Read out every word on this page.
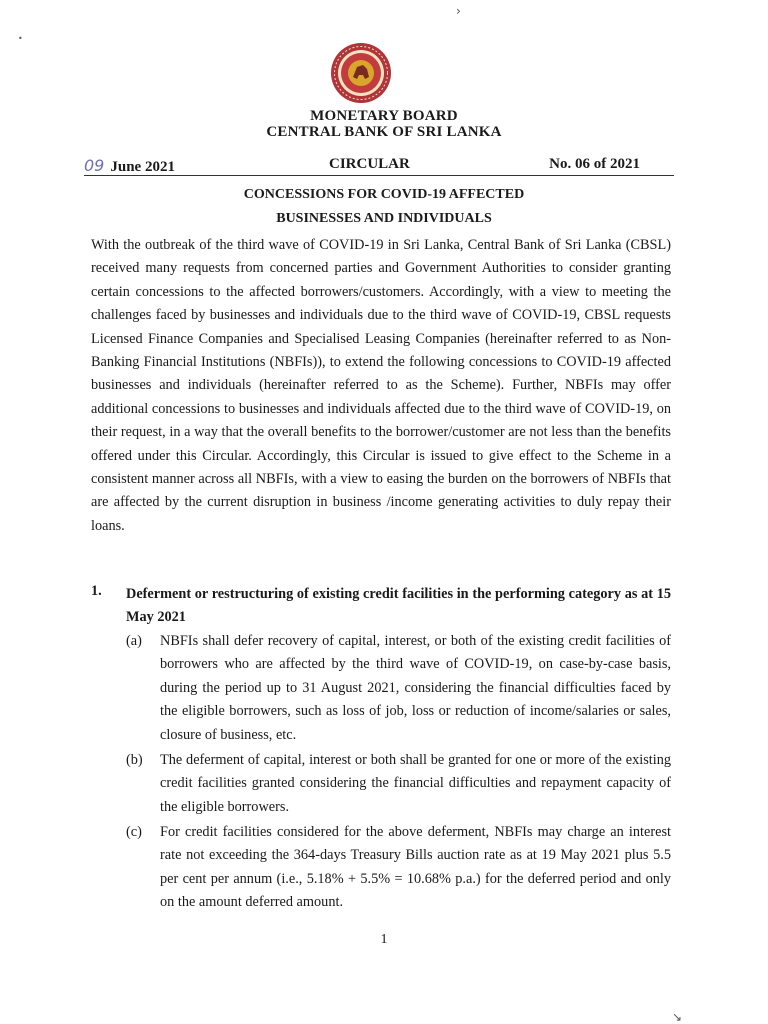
MONETARY BOARD
CENTRAL BANK OF SRI LANKA
09 June 2021	CIRCULAR	No. 06 of 2021
CONCESSIONS FOR COVID-19 AFFECTED
BUSINESSES AND INDIVIDUALS

With the outbreak of the third wave of COVID-19 in Sri Lanka, Central Bank of Sri Lanka (CBSL) received many requests from concerned parties and Government Authorities to consider granting certain concessions to the affected borrowers/customers. Accordingly, with a view to meeting the challenges faced by businesses and individuals due to the third wave of COVID-19, CBSL requests Licensed Finance Companies and Specialised Leasing Companies (hereinafter referred to as Non-Banking Financial Institutions (NBFIs)), to extend the following concessions to COVID-19 affected businesses and individuals (hereinafter referred to as the Scheme). Further, NBFIs may offer additional concessions to businesses and individuals affected due to the third wave of COVID-19, on their request, in a way that the overall benefits to the borrower/customer are not less than the benefits offered under this Circular. Accordingly, this Circular is issued to give effect to the Scheme in a consistent manner across all NBFIs, with a view to easing the burden on the borrowers of NBFIs that are affected by the current disruption in business /income generating activities to duly repay their loans.

1. Deferment or restructuring of existing credit facilities in the performing category as at 15 May 2021

(a) NBFIs shall defer recovery of capital, interest, or both of the existing credit facilities of borrowers who are affected by the third wave of COVID-19, on case-by-case basis, during the period up to 31 August 2021, considering the financial difficulties faced by the eligible borrowers, such as loss of job, loss or reduction of income/salaries or sales, closure of business, etc.

(b) The deferment of capital, interest or both shall be granted for one or more of the existing credit facilities granted considering the financial difficulties and repayment capacity of the eligible borrowers.

(c) For credit facilities considered for the above deferment, NBFIs may charge an interest rate not exceeding the 364-days Treasury Bills auction rate as at 19 May 2021 plus 5.5 per cent per annum (i.e., 5.18% + 5.5% = 10.68% p.a.) for the deferred period and only on the amount deferred amount.

1
›
•
↘
